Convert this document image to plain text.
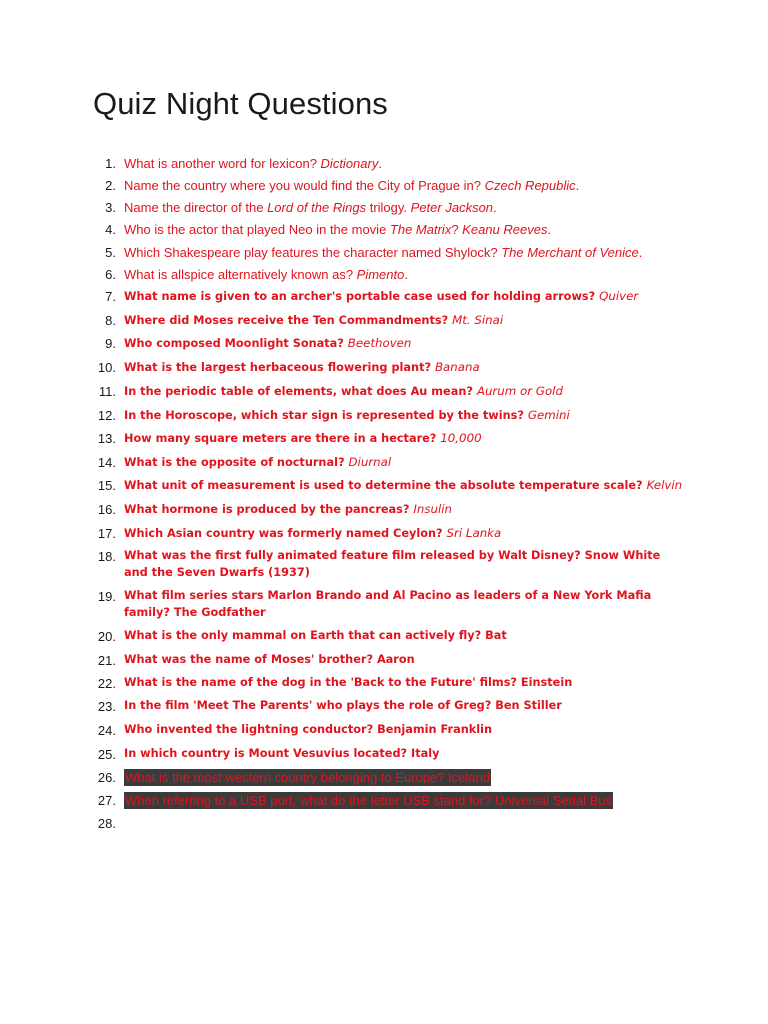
Quiz Night Questions
1. What is another word for lexicon? Dictionary.
2. Name the country where you would find the City of Prague in? Czech Republic.
3. Name the director of the Lord of the Rings trilogy. Peter Jackson.
4. Who is the actor that played Neo in the movie The Matrix? Keanu Reeves.
5. Which Shakespeare play features the character named Shylock? The Merchant of Venice.
6. What is allspice alternatively known as? Pimento.
7. What name is given to an archer's portable case used for holding arrows? Quiver
8. Where did Moses receive the Ten Commandments? Mt. Sinai
9. Who composed Moonlight Sonata? Beethoven
10. What is the largest herbaceous flowering plant? Banana
11. In the periodic table of elements, what does Au mean? Aurum or Gold
12. In the Horoscope, which star sign is represented by the twins? Gemini
13. How many square meters are there in a hectare? 10,000
14. What is the opposite of nocturnal? Diurnal
15. What unit of measurement is used to determine the absolute temperature scale? Kelvin
16. What hormone is produced by the pancreas? Insulin
17. Which Asian country was formerly named Ceylon? Sri Lanka
18. What was the first fully animated feature film released by Walt Disney? Snow White and the Seven Dwarfs (1937)
19. What film series stars Marlon Brando and Al Pacino as leaders of a New York Mafia family? The Godfather
20. What is the only mammal on Earth that can actively fly? Bat
21. What was the name of Moses' brother? Aaron
22. What is the name of the dog in the 'Back to the Future' films? Einstein
23. In the film 'Meet The Parents' who plays the role of Greg? Ben Stiller
24. Who invented the lightning conductor? Benjamin Franklin
25. In which country is Mount Vesuvius located? Italy
26. What is the most western country belonging to Europe? Iceland
27. When referring to a USB port, what do the letter USB stand for? Universal Serial Bus
28.
